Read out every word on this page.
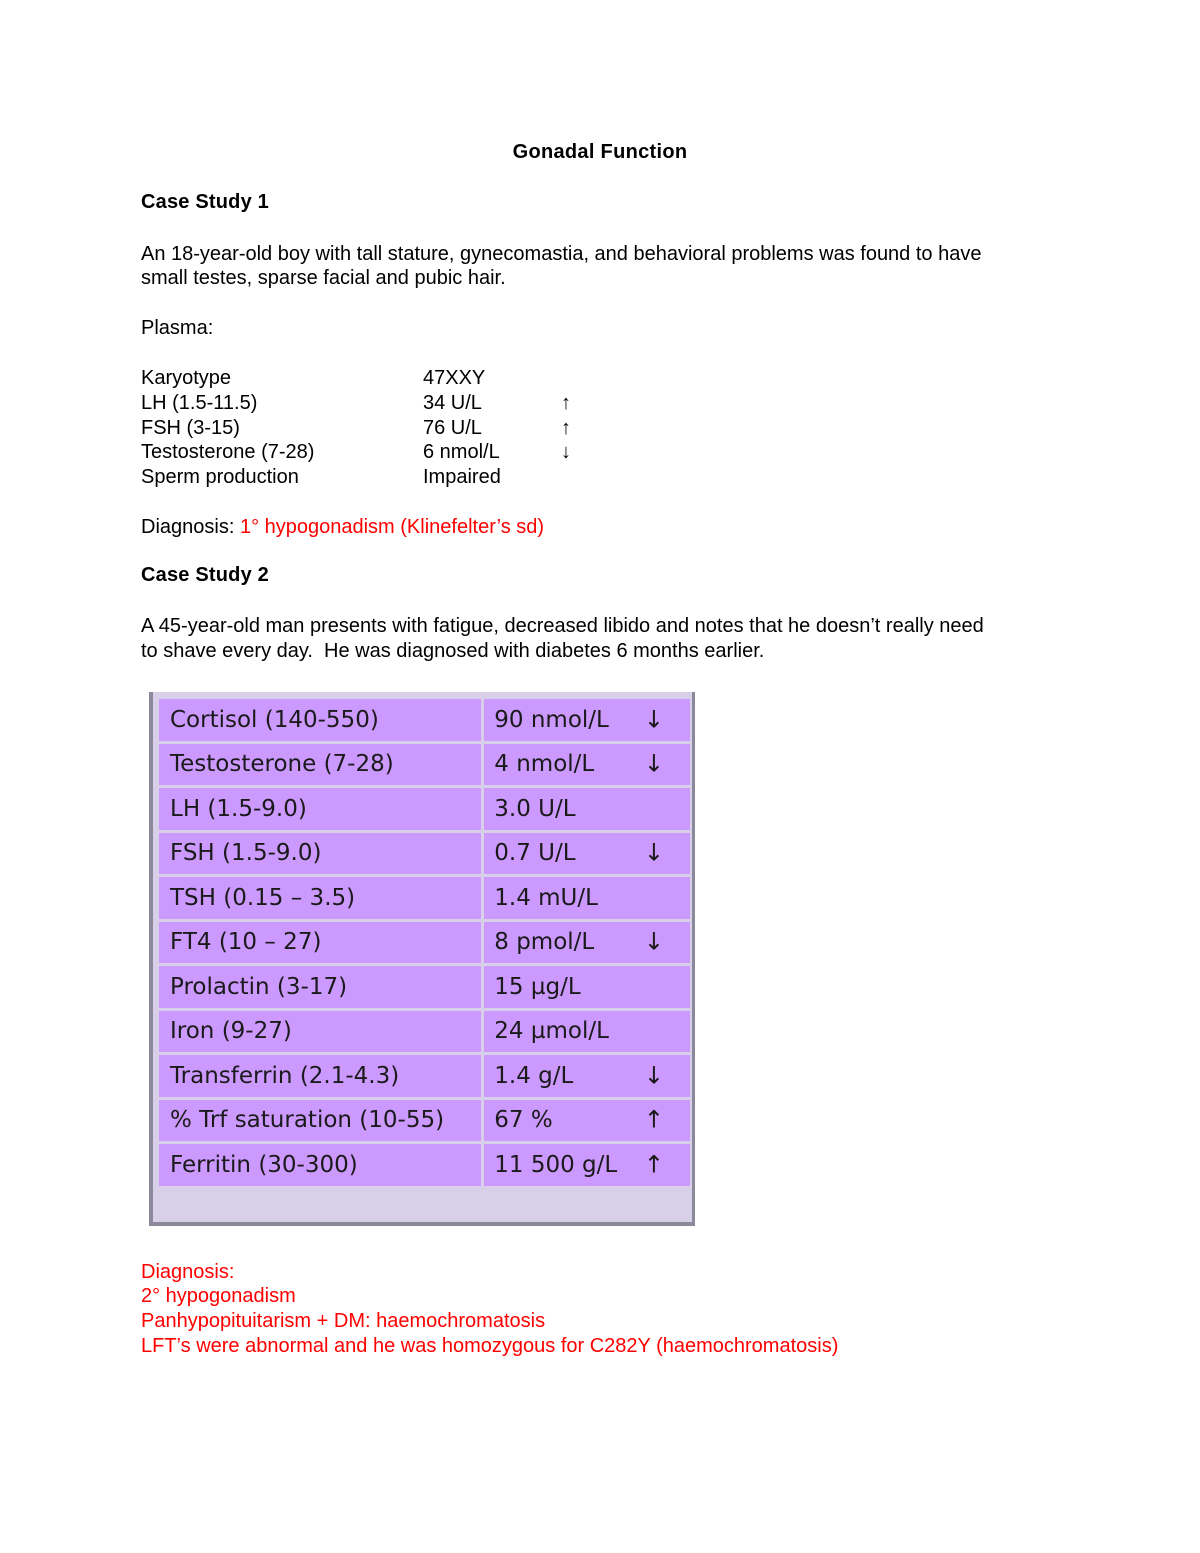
Gonadal Function
Case Study 1
An 18-year-old boy with tall stature, gynecomastia, and behavioral problems was found to have
small testes, sparse facial and pubic hair.
Plasma:
Karyotype	47XXY
LH (1.5-11.5)	34 U/L	↑
FSH (3-15)	76 U/L	↑
Testosterone (7-28)	6 nmol/L	↓
Sperm production	Impaired
Diagnosis: 1° hypogonadism (Klinefelter’s sd)
Case Study 2
A 45-year-old man presents with fatigue, decreased libido and notes that he doesn’t really need
to shave every day.  He was diagnosed with diabetes 6 months earlier.
Cortisol (140-550)	90 nmol/L ↓

Testosterone (7-28)	4 nmol/L ↓

LH (1.5-9.0)	3.0 U/L
FSH (1.5-9.0)	0.7 U/L ↓

TSH (0.15 – 3.5)	1.4 mU/L
FT4 (10 – 27)	8 pmol/L ↓

Prolactin (3-17)	15 µg/L
Iron (9-27)	24 µmol/L
Transferrin (2.1-4.3)	1.4 g/L ↓

% Trf saturation (10-55)	67 % ↑

Ferritin (30-300)	11 500 g/L ↑
Diagnosis:
2° hypogonadism
Panhypopituitarism + DM: haemochromatosis
LFT’s were abnormal and he was homozygous for C282Y (haemochromatosis)
